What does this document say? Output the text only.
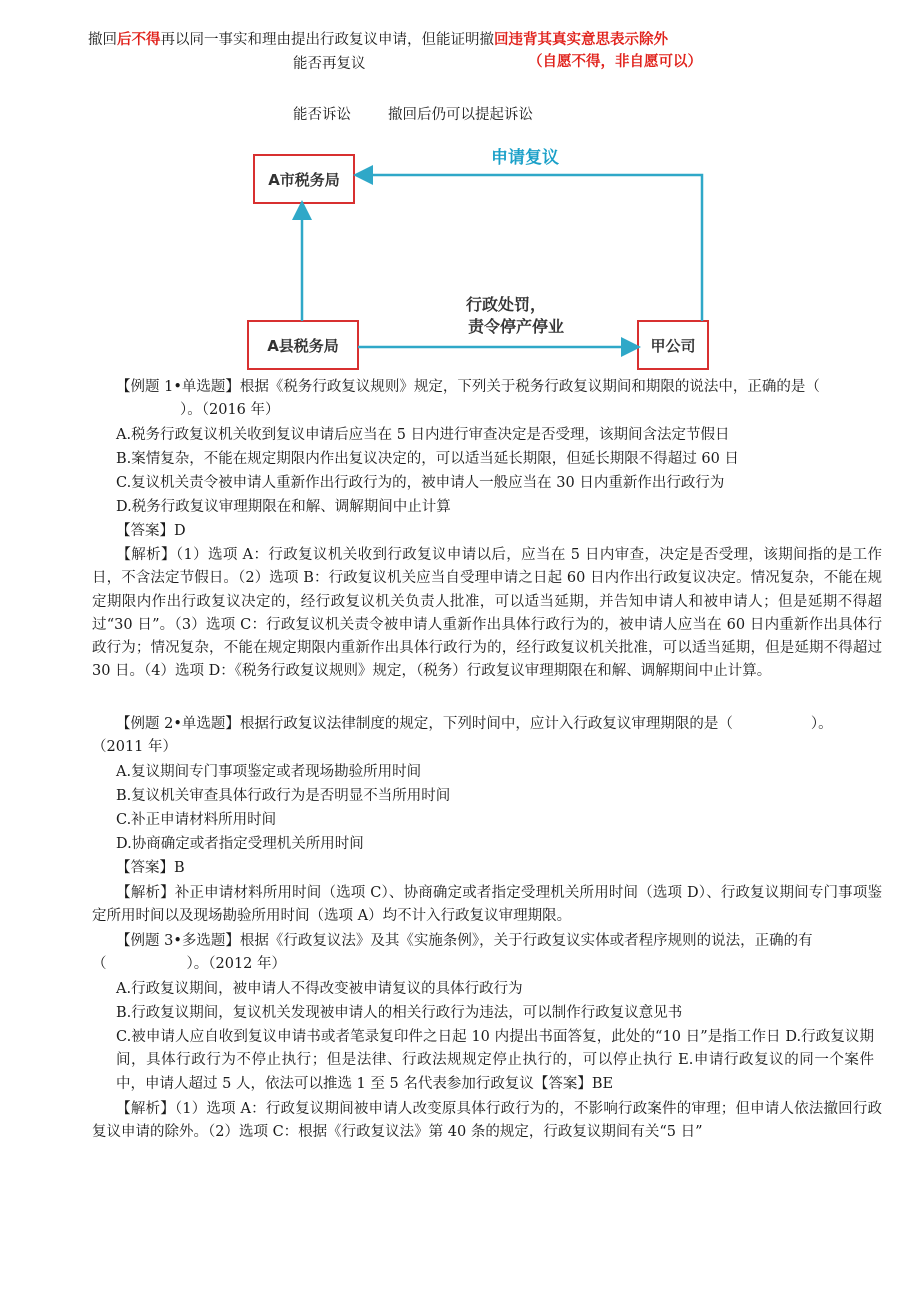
撤回后不得再以同一事实和理由提出行政复议申请，但能证明撤回违背其真实意思表示除外
能否再复议	（自愿不得，非自愿可以）
能否诉讼	撤回后仍可以提起诉讼
A市税务局
A县税务局	甲公司
申请复议
行政处罚，
责令停产停业
【例题 1•单选题】根据《税务行政复议规则》规定，下列关于税务行政复议期间和期限的说法中，正确的是（
）。（2016 年）
A.税务行政复议机关收到复议申请后应当在 5 日内进行审查决定是否受理，该期间含法定节假日
B.案情复杂，不能在规定期限内作出复议决定的，可以适当延长期限，但延长期限不得超过 60 日
C.复议机关责令被申请人重新作出行政行为的，被申请人一般应当在 30 日内重新作出行政行为
D.税务行政复议审理期限在和解、调解期间中止计算
【答案】D
【解析】（1）选项 A：行政复议机关收到行政复议申请以后，应当在 5 日内审查，决定是否受理，该期间指的是工作日，不含法定节假日。（2）选项 B：行政复议机关应当自受理申请之日起 60 日内作出行政复议决定。情况复杂，不能在规定期限内作出行政复议决定的，经行政复议机关负责人批准，可以适当延期，并告知申请人和被申请人；但是延期不得超过“30 日”。（3）选项 C：行政复议机关责令被申请人重新作出具体行政行为的，被申请人应当在 60 日内重新作出具体行政行为；情况复杂，不能在规定期限内重新作出具体行政行为的，经行政复议机关批准，可以适当延期，但是延期不得超过 30 日。（4）选项 D：《税务行政复议规则》规定，（税务）行政复议审理期限在和解、调解期间中止计算。
【例题 2•单选题】根据行政复议法律制度的规定，下列时间中，应计入行政复议审理期限的是（	）。
（2011 年）
A.复议期间专门事项鉴定或者现场勘验所用时间
B.复议机关审查具体行政行为是否明显不当所用时间
C.补正申请材料所用时间
D.协商确定或者指定受理机关所用时间
【答案】B
【解析】补正申请材料所用时间（选项 C）、协商确定或者指定受理机关所用时间（选项 D）、行政复议期间专门事项鉴定所用时间以及现场勘验所用时间（选项 A）均不计入行政复议审理期限。
【例题 3•多选题】根据《行政复议法》及其《实施条例》，关于行政复议实体或者程序规则的说法，正确的有
（	）。（2012 年）
A.行政复议期间，被申请人不得改变被申请复议的具体行政行为
B.行政复议期间，复议机关发现被申请人的相关行政行为违法，可以制作行政复议意见书
C.被申请人应自收到复议申请书或者笔录复印件之日起 10 内提出书面答复，此处的“10 日”是指工作日 D.行政复议期间，具体行政行为不停止执行；但是法律、行政法规规定停止执行的，可以停止执行 E.申请行政复议的同一个案件中，申请人超过 5 人，依法可以推选 1 至 5 名代表参加行政复议【答案】BE
【解析】（1）选项 A：行政复议期间被申请人改变原具体行政行为的，不影响行政案件的审理；但申请人依法撤回行政复议申请的除外。（2）选项 C：根据《行政复议法》第 40 条的规定，行政复议期间有关“5 日”
